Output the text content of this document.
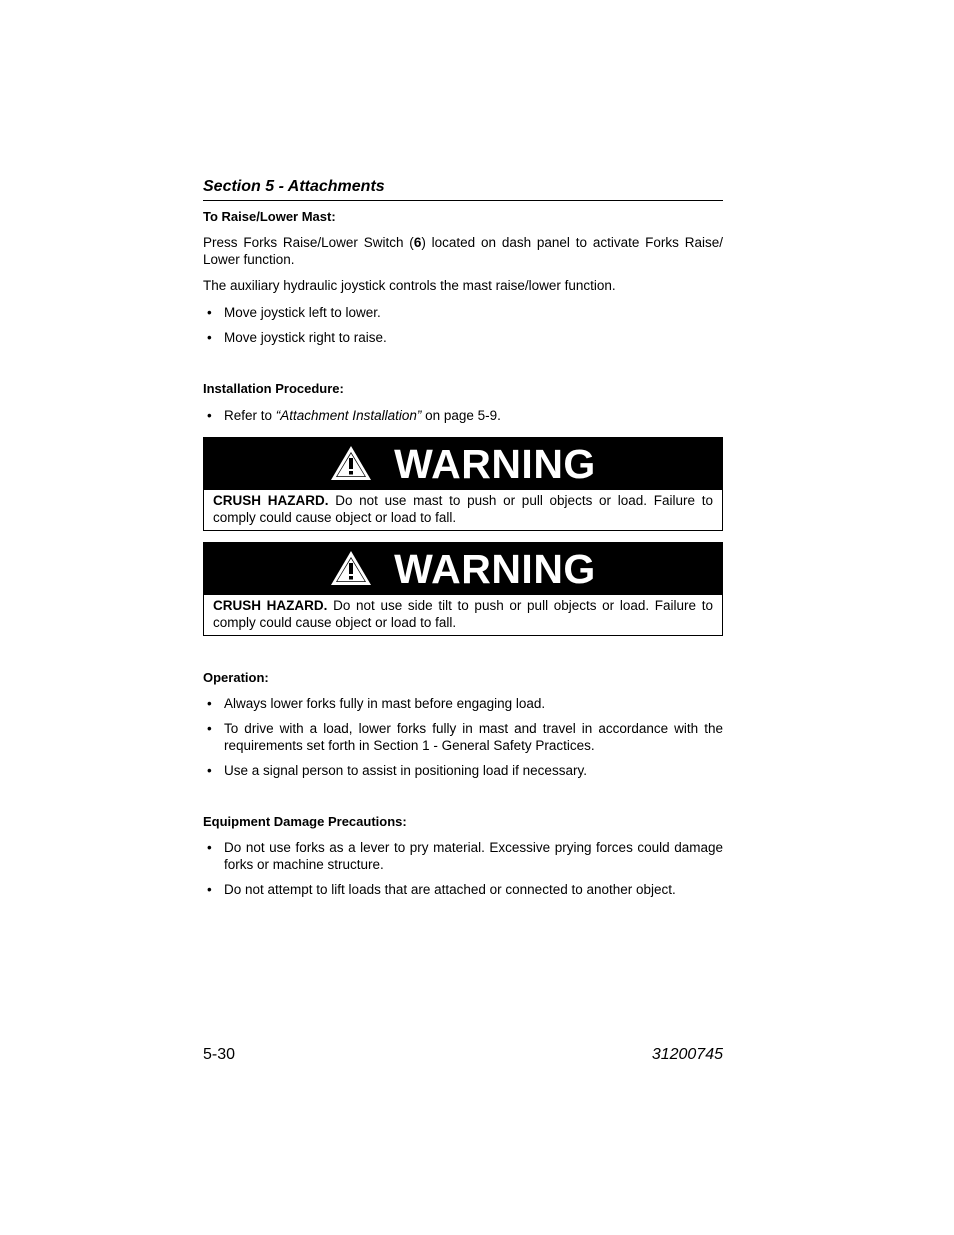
Section 5 - Attachments
To Raise/Lower Mast:
Press Forks Raise/Lower Switch (6) located on dash panel to activate Forks Raise/ Lower function.
The auxiliary hydraulic joystick controls the mast raise/lower function.
• Move joystick left to lower.
• Move joystick right to raise.
Installation Procedure:
• Refer to “Attachment Installation” on page 5-9.
WARNING
CRUSH HAZARD. Do not use mast to push or pull objects or load. Failure to comply could cause object or load to fall.
WARNING
CRUSH HAZARD. Do not use side tilt to push or pull objects or load. Failure to comply could cause object or load to fall.
Operation:
• Always lower forks fully in mast before engaging load.
• To drive with a load, lower forks fully in mast and travel in accordance with the requirements set forth in Section 1 - General Safety Practices.
• Use a signal person to assist in positioning load if necessary.
Equipment Damage Precautions:
• Do not use forks as a lever to pry material. Excessive prying forces could damage forks or machine structure.
• Do not attempt to lift loads that are attached or connected to another object.
5-30	31200745
